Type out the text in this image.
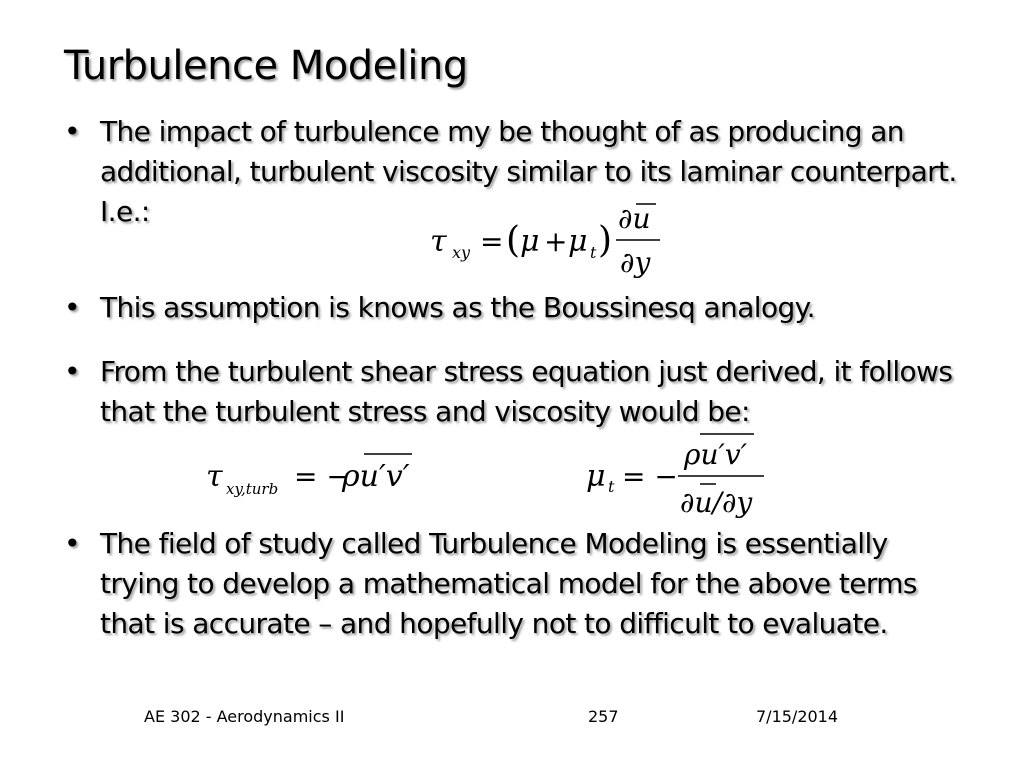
Turbulence Modeling
• The impact of turbulence my be thought of as producing an additional, turbulent viscosity similar to its laminar counterpart. I.e.:
τ xy = ( μ + μ t )
∂u
∂y
• This assumption is knows as the Boussinesq analogy.
• From the turbulent shear stress equation just derived, it follows that the turbulent stress and viscosity would be:
τ xy,turb = −
ρu′v′	μ t = −
ρu′v′
∂u/∂y
• The field of study called Turbulence Modeling is essentially trying to develop a mathematical model for the above terms that is accurate – and hopefully not to difficult to evaluate.
AE 302 - Aerodynamics II	257	7/15/2014
